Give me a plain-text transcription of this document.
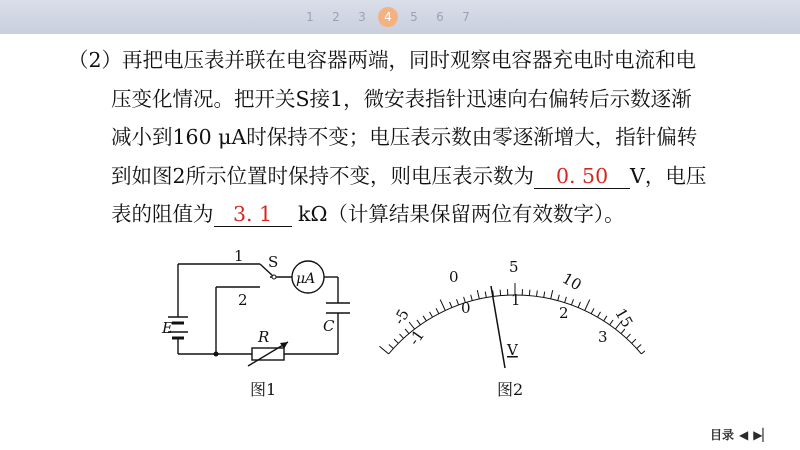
1	2	3	4	5	6	7
（2）再把电压表并联在电容器两端，同时观察电容器充电时电流和电
压变化情况。把开关S接1，微安表指针迅速向右偏转后示数逐渐
减小到160 μA时保持不变；电压表示数由零逐渐增大，指针偏转
到如图2所示位置时保持不变，则电压表示数为 0. 50 V，电压
表的阻值为 3. 1 kΩ（计算结果保留两位有效数字）。
1
2
S
μA
E	R
C
图1
-5
0
5
10
15
-1
0	1
2
3
V
图2
目录 ◀ ▶▏
